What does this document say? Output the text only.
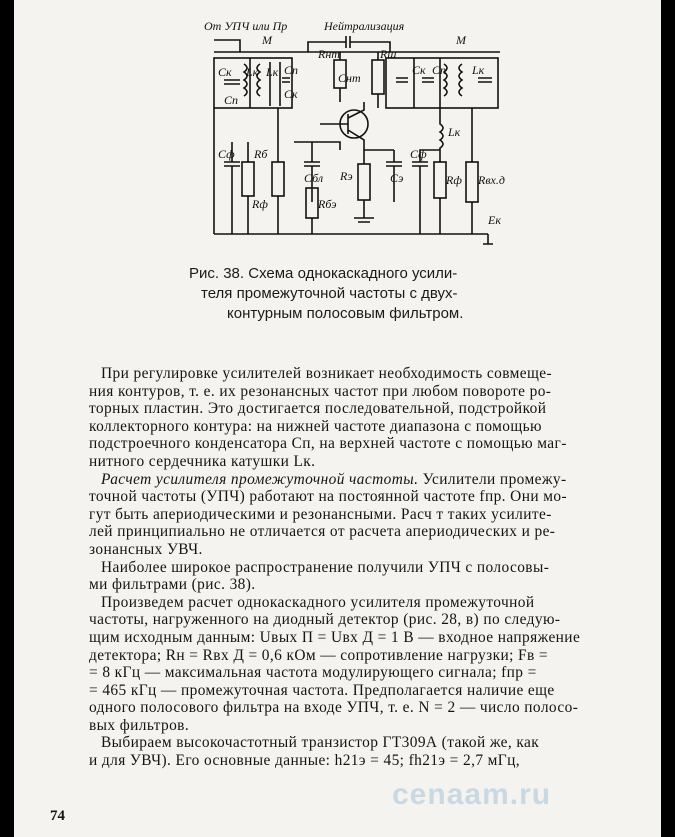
От УПЧ или Пр	Нейтрализация
М	М
Rнт	Rш
Ск
Сп
Lк Lк Сп
Ск
Снт
Ск Сп Lк
Lк
Сф Rб
Rф
Сбл
Rбэ
Rэ	Сэ
Сф
Rф Rвх.д
Eк
Рис. 38. Схема однокаскадного усили-
теля промежуточной частоты с двух-
контурным полосовым фильтром.

При регулировке усилителей возникает необходимость совмеще-
ния контуров, т. е. их резонансных частот при любом повороте ро-
торных пластин. Это достигается последовательной, подстройкой
коллекторного контура: на нижней частоте диапазона с помощью
подстроечного конденсатора Сп, на верхней частоте с помощью маг-
нитного сердечника катушки Lк.

Расчет усилителя промежуточной частоты. Усилители промежу-
точной частоты (УПЧ) работают на постоянной частоте fпр. Они мо-
гут быть апериодическими и резонансными. Расч т таких усилите-
лей принципиально не отличается от расчета апериодических и ре-
зонансных УВЧ.

Наиболее широкое распространение получили УПЧ с полосовы-
ми фильтрами (рис. 38).

Произведем расчет однокаскадного усилителя промежуточной
частоты, нагруженного на диодный детектор (рис. 28, в) по следую-
щим исходным данным: Uвых П = Uвх Д = 1 В — входное напряжение
детектора; Rн = Rвх Д = 0,6 кОм — сопротивление нагрузки; Fв =
= 8 кГц — максимальная частота модулирующего сигнала; fпр =
= 465 кГц — промежуточная частота. Предполагается наличие еще
одного полосового фильтра на входе УПЧ, т. е. N = 2 — число полосо-
вых фильтров.

Выбираем высокочастотный транзистор ГТ309А (такой же, как
и для УВЧ). Его основные данные: h21э = 45; fh21э = 2,7 мГц,

cenaam.ru
74
